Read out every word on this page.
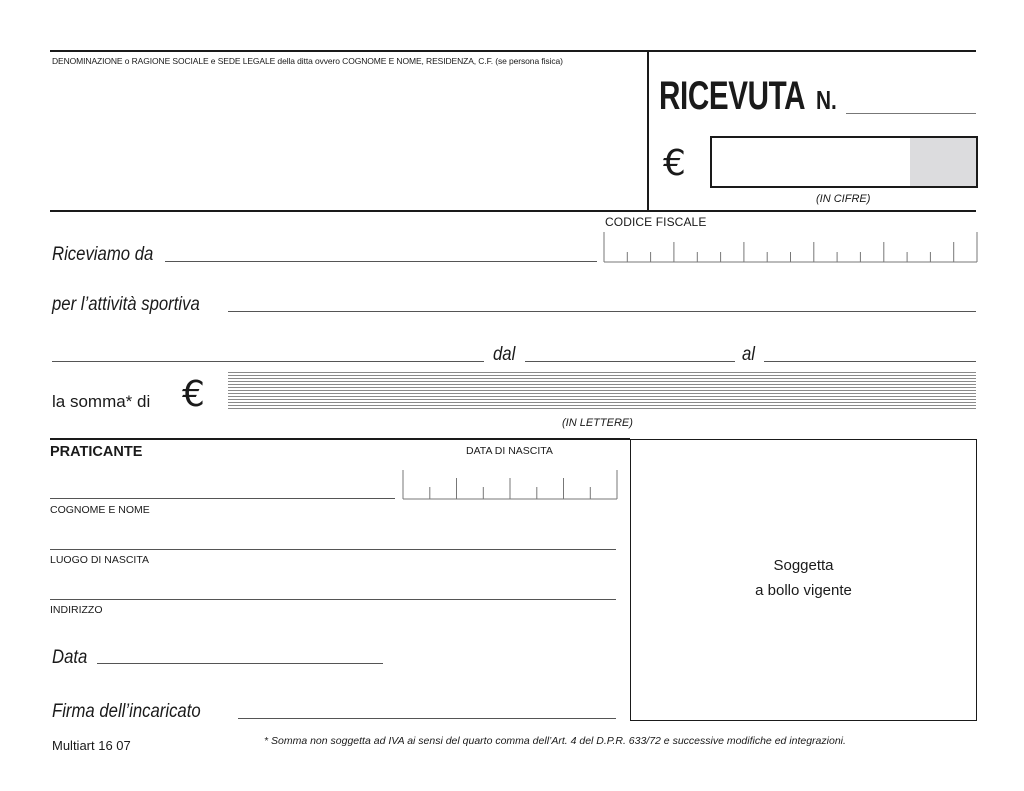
DENOMINAZIONE o RAGIONE SOCIALE e SEDE LEGALE della ditta ovvero COGNOME E NOME, RESIDENZA, C.F. (se persona fisica)
RICEVUTA N.
€
(IN CIFRE)
CODICE FISCALE
Riceviamo da
per l’attività sportiva
dal	al
la somma* di €
(IN LETTERE)
PRATICANTE	DATA DI NASCITA
COGNOME E NOME
LUOGO DI NASCITA
INDIRIZZO
Data
Firma dell’incaricato
Soggetta
a bollo vigente
Multiart 16 07	* Somma non soggetta ad IVA ai sensi del quarto comma dell’Art. 4 del D.P.R. 633/72 e successive modifiche ed integrazioni.
